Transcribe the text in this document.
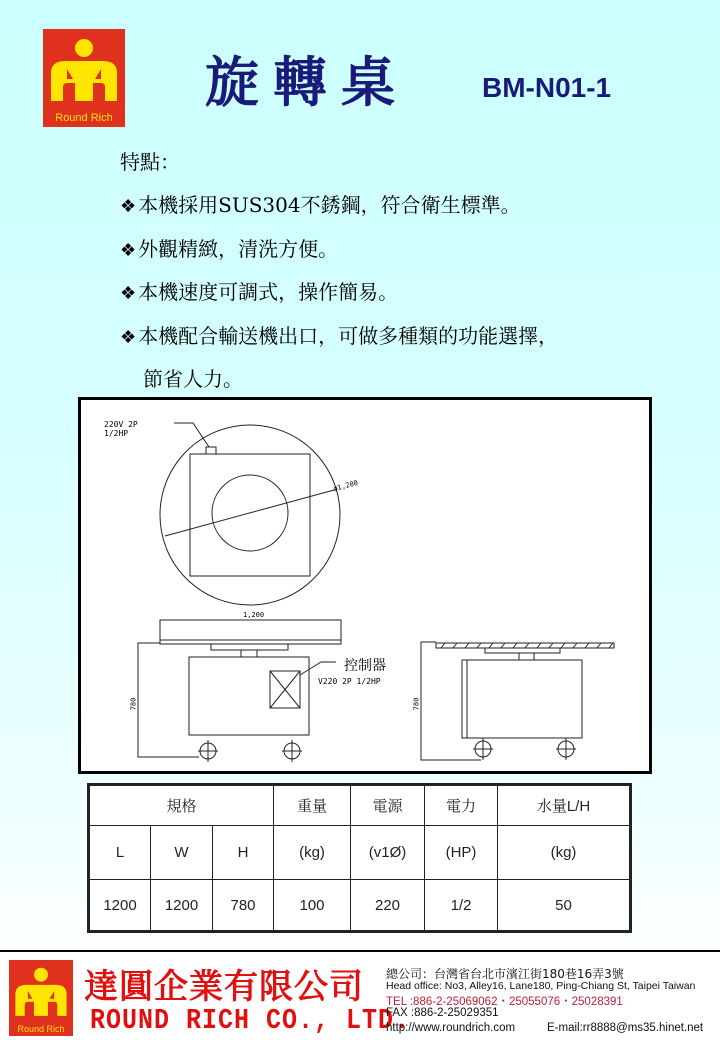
Round Rich
旋轉桌	BM-N01-1
特點：
❖ 本機採用SUS304不銹鋼，符合衛生標準。
❖ 外觀精緻，清洗方便。
❖ 本機速度可調式，操作簡易。
❖ 本機配合輸送機出口，可做多種類的功能選擇，
節省人力。
220V 2P
1/2HP
ø1,200
1,200
780	780
控制器
V220 2P 1/2HP
規格			重量	電源	電力	水量L/H
L	W	H	(kg)	(v1Ø)	(HP)	(kg)
1200	1200	780	100	220	1/2	50
Round Rich
達圓企業有限公司
ROUND RICH CO., LTD.
總公司：台灣省台北市濱江街180巷16弄3號
Head office: No3, Alley16, Lane180, Ping-Chiang St, Taipei Taiwan
TEL :886-2-25069062・25055076・25028391
FAX :886-2-25029351
http://www.roundrich.com	E-mail:rr8888@ms35.hinet.net
